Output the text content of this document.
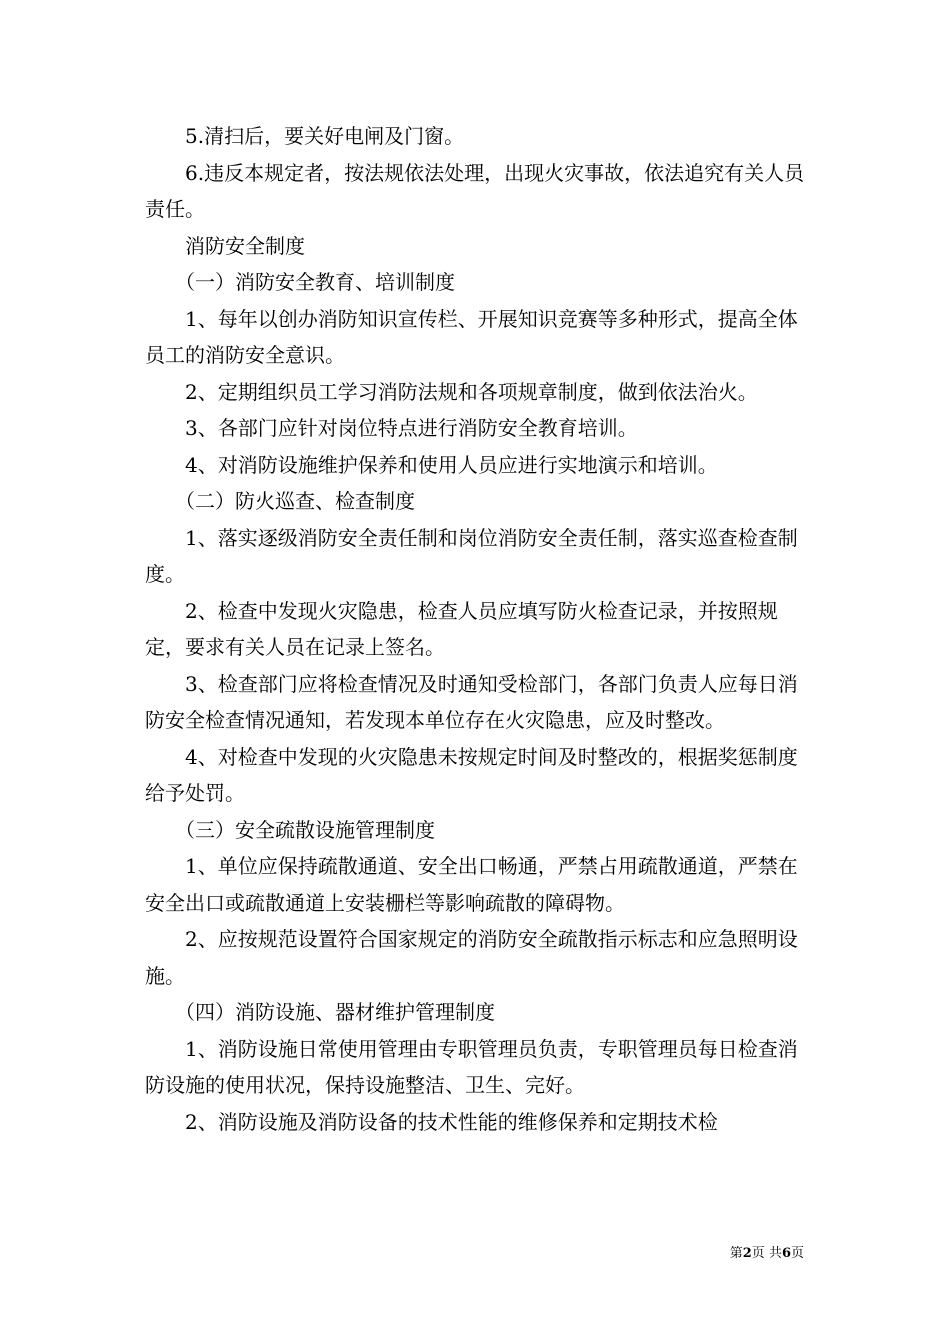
5.清扫后，要关好电闸及门窗。

6.违反本规定者，按法规依法处理，出现火灾事故，依法追究有关人员责任。

消防安全制度

（一）消防安全教育、培训制度

1、每年以创办消防知识宣传栏、开展知识竞赛等多种形式，提高全体员工的消防安全意识。

2、定期组织员工学习消防法规和各项规章制度，做到依法治火。

3、各部门应针对岗位特点进行消防安全教育培训。

4、对消防设施维护保养和使用人员应进行实地演示和培训。

（二）防火巡查、检查制度

1、落实逐级消防安全责任制和岗位消防安全责任制，落实巡查检查制度。

2、检查中发现火灾隐患，检查人员应填写防火检查记录，并按照规定，要求有关人员在记录上签名。

3、检查部门应将检查情况及时通知受检部门，各部门负责人应每日消防安全检查情况通知，若发现本单位存在火灾隐患，应及时整改。

4、对检查中发现的火灾隐患未按规定时间及时整改的，根据奖惩制度给予处罚。

（三）安全疏散设施管理制度

1、单位应保持疏散通道、安全出口畅通，严禁占用疏散通道，严禁在安全出口或疏散通道上安装栅栏等影响疏散的障碍物。

2、应按规范设置符合国家规定的消防安全疏散指示标志和应急照明设施。

（四）消防设施、器材维护管理制度

1、消防设施日常使用管理由专职管理员负责，专职管理员每日检查消防设施的使用状况，保持设施整洁、卫生、完好。

2、消防设施及消防设备的技术性能的维修保养和定期技术检

第2页 共6页
